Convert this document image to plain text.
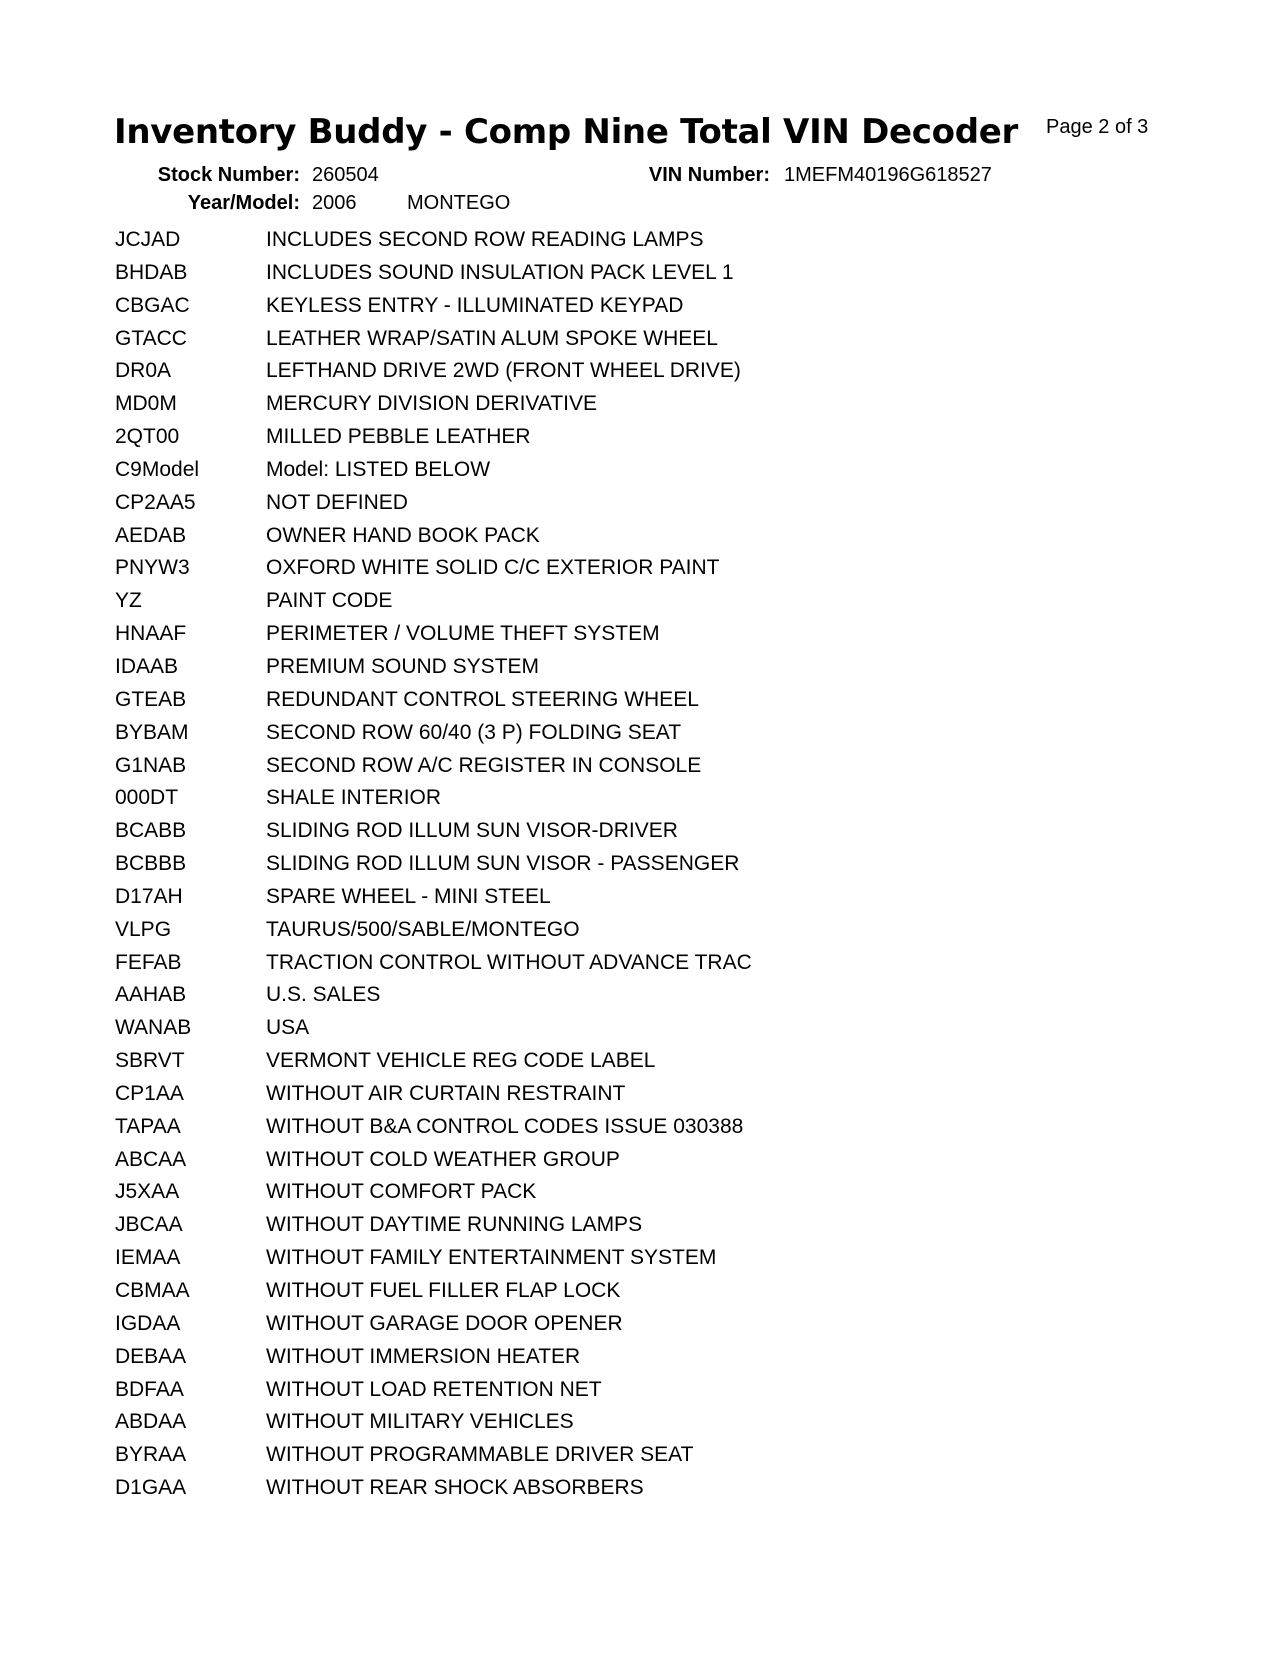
Inventory Buddy - Comp Nine Total VIN Decoder Page 2 of 3
Stock Number: 260504	VIN Number: 1MEFM40196G618527
Year/Model: 2006	MONTEGO
JCJAD	INCLUDES SECOND ROW READING LAMPS
BHDAB	INCLUDES SOUND INSULATION PACK LEVEL 1
CBGAC	KEYLESS ENTRY - ILLUMINATED KEYPAD
GTACC	LEATHER WRAP/SATIN ALUM SPOKE WHEEL
DR0A	LEFTHAND DRIVE 2WD (FRONT WHEEL DRIVE)
MD0M	MERCURY DIVISION DERIVATIVE
2QT00	MILLED PEBBLE LEATHER
C9Model	Model: LISTED BELOW
CP2AA5	NOT DEFINED
AEDAB	OWNER HAND BOOK PACK
PNYW3	OXFORD WHITE SOLID C/C EXTERIOR PAINT
YZ	PAINT CODE
HNAAF	PERIMETER / VOLUME THEFT SYSTEM
IDAAB	PREMIUM SOUND SYSTEM
GTEAB	REDUNDANT CONTROL STEERING WHEEL
BYBAM	SECOND ROW 60/40 (3 P) FOLDING SEAT
G1NAB	SECOND ROW A/C REGISTER IN CONSOLE
000DT	SHALE INTERIOR
BCABB	SLIDING ROD ILLUM SUN VISOR-DRIVER
BCBBB	SLIDING ROD ILLUM SUN VISOR - PASSENGER
D17AH	SPARE WHEEL - MINI STEEL
VLPG	TAURUS/500/SABLE/MONTEGO
FEFAB	TRACTION CONTROL WITHOUT ADVANCE TRAC
AAHAB	U.S. SALES
WANAB	USA
SBRVT	VERMONT VEHICLE REG CODE LABEL
CP1AA	WITHOUT AIR CURTAIN RESTRAINT
TAPAA	WITHOUT B&A CONTROL CODES ISSUE 030388
ABCAA	WITHOUT COLD WEATHER GROUP
J5XAA	WITHOUT COMFORT PACK
JBCAA	WITHOUT DAYTIME RUNNING LAMPS
IEMAA	WITHOUT FAMILY ENTERTAINMENT SYSTEM
CBMAA	WITHOUT FUEL FILLER FLAP LOCK
IGDAA	WITHOUT GARAGE DOOR OPENER
DEBAA	WITHOUT IMMERSION HEATER
BDFAA	WITHOUT LOAD RETENTION NET
ABDAA	WITHOUT MILITARY VEHICLES
BYRAA	WITHOUT PROGRAMMABLE DRIVER SEAT
D1GAA	WITHOUT REAR SHOCK ABSORBERS
